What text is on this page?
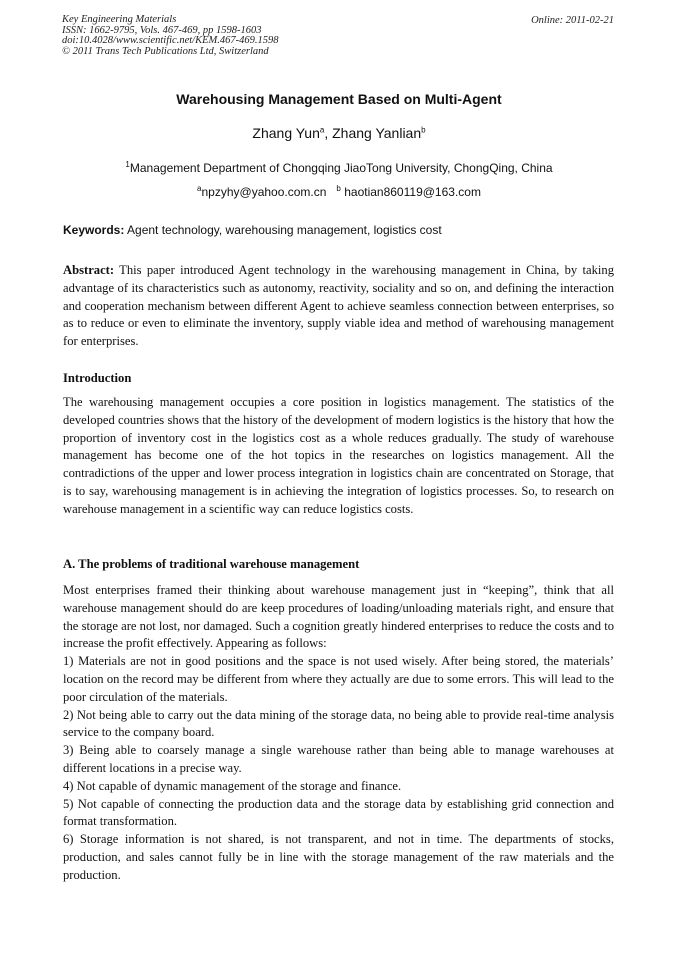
Key Engineering Materials
ISSN: 1662-9795, Vols. 467-469, pp 1598-1603
doi:10.4028/www.scientific.net/KEM.467-469.1598
© 2011 Trans Tech Publications Ltd, Switzerland
Online: 2011-02-21
Warehousing Management Based on Multi-Agent
Zhang Yun$^a$, Zhang Yanlian$^b$
$^1$Management Department of Chongqing JiaoTong University, ChongQing, China
$^a$npzyhy@yahoo.com.cn $^b$ haotian860119@163.com
Keywords: Agent technology, warehousing management, logistics cost
Abstract: This paper introduced Agent technology in the warehousing management in China, by taking advantage of its characteristics such as autonomy, reactivity, sociality and so on, and defining the interaction and cooperation mechanism between different Agent to achieve seamless connection between enterprises, so as to reduce or even to eliminate the inventory, supply viable idea and method of warehousing management for enterprises.
Introduction
The warehousing management occupies a core position in logistics management. The statistics of the developed countries shows that the history of the development of modern logistics is the history that how the proportion of inventory cost in the logistics cost as a whole reduces gradually. The study of warehouse management has become one of the hot topics in the researches on logistics management. All the contradictions of the upper and lower process integration in logistics chain are concentrated on Storage, that is to say, warehousing management is in achieving the integration of logistics processes. So, to research on warehouse management in a scientific way can reduce logistics costs.
A. The problems of traditional warehouse management

Most enterprises framed their thinking about warehouse management just in “keeping”, think that all warehouse management should do are keep procedures of loading/unloading materials right, and ensure that the storage are not lost, nor damaged. Such a cognition greatly hindered enterprises to reduce the costs and to increase the profit effectively. Appearing as follows:

1) Materials are not in good positions and the space is not used wisely. After being stored, the materials’ location on the record may be different from where they actually are due to some errors. This will lead to the poor circulation of the materials.

2) Not being able to carry out the data mining of the storage data, no being able to provide real-time analysis service to the company board.

3) Being able to coarsely manage a single warehouse rather than being able to manage warehouses at different locations in a precise way.

4) Not capable of dynamic management of the storage and finance.

5) Not capable of connecting the production data and the storage data by establishing grid connection and format transformation.

6) Storage information is not shared, is not transparent, and not in time. The departments of stocks, production, and sales cannot fully be in line with the storage management of the raw materials and the production.
